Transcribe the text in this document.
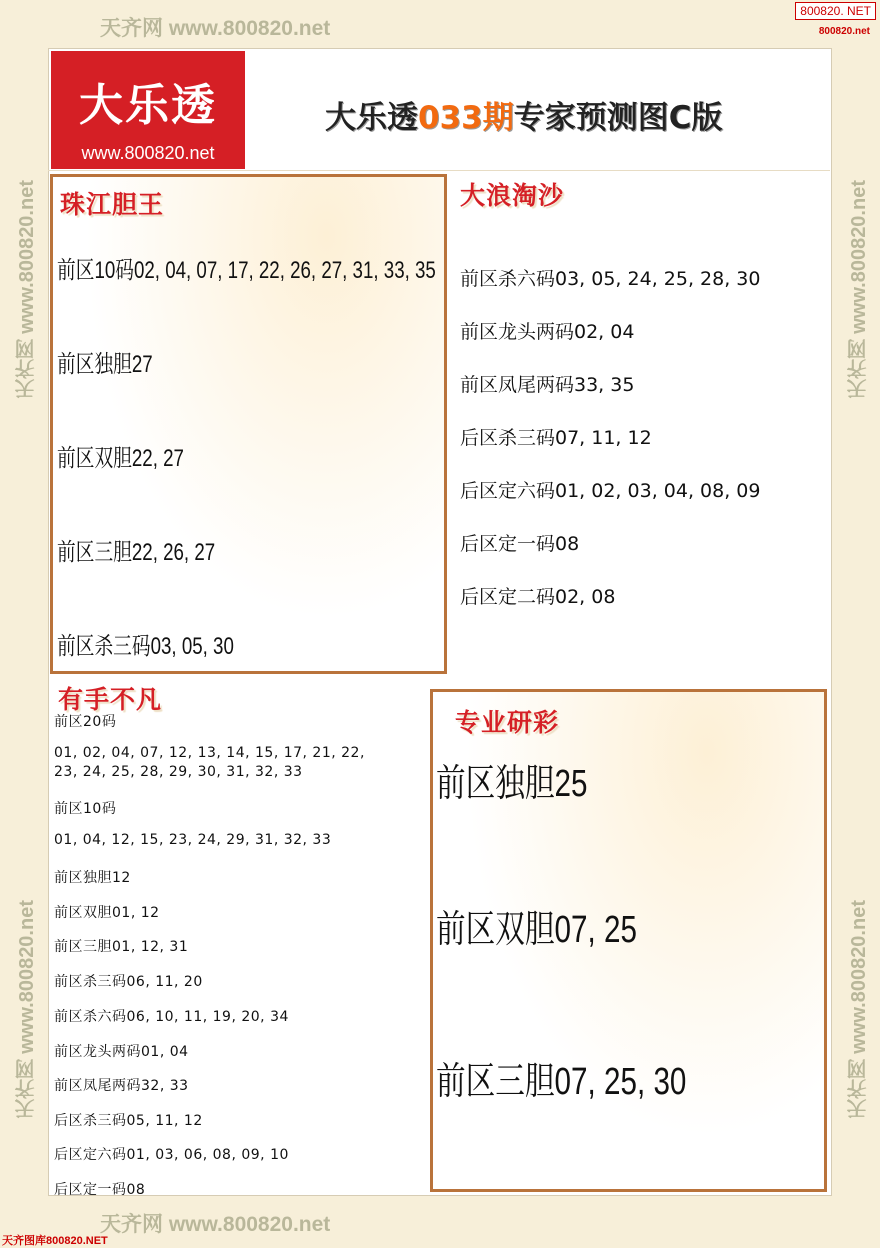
天齐网 www.800820.net
天齐网 www.800820.net
天齐网 www.800820.net
天齐网 www.800820.net
天齐网 www.800820.net
天齐网 www.800820.net
800820. NET
800820.net
天齐图库800820.NET
大乐透
www.800820.net
大乐透033期专家预测图C版
珠江胆王
前区10码02, 04, 07, 17, 22, 26, 27, 31, 33, 35
前区独胆27
前区双胆22, 27
前区三胆22, 26, 27
前区杀三码03, 05, 30
大浪淘沙
前区杀六码03, 05, 24, 25, 28, 30
前区龙头两码02, 04
前区凤尾两码33, 35
后区杀三码07, 11, 12
后区定六码01, 02, 03, 04, 08, 09
后区定一码08
后区定二码02, 08
有手不凡
前区20码
01, 02, 04, 07, 12, 13, 14, 15, 17, 21, 22,
23, 24, 25, 28, 29, 30, 31, 32, 33
前区10码
01, 04, 12, 15, 23, 24, 29, 31, 32, 33
前区独胆12
前区双胆01, 12
前区三胆01, 12, 31
前区杀三码06, 11, 20
前区杀六码06, 10, 11, 19, 20, 34
前区龙头两码01, 04
前区凤尾两码32, 33
后区杀三码05, 11, 12
后区定六码01, 03, 06, 08, 09, 10
后区定一码08
专业研彩
前区独胆25
前区双胆07, 25
前区三胆07, 25, 30
